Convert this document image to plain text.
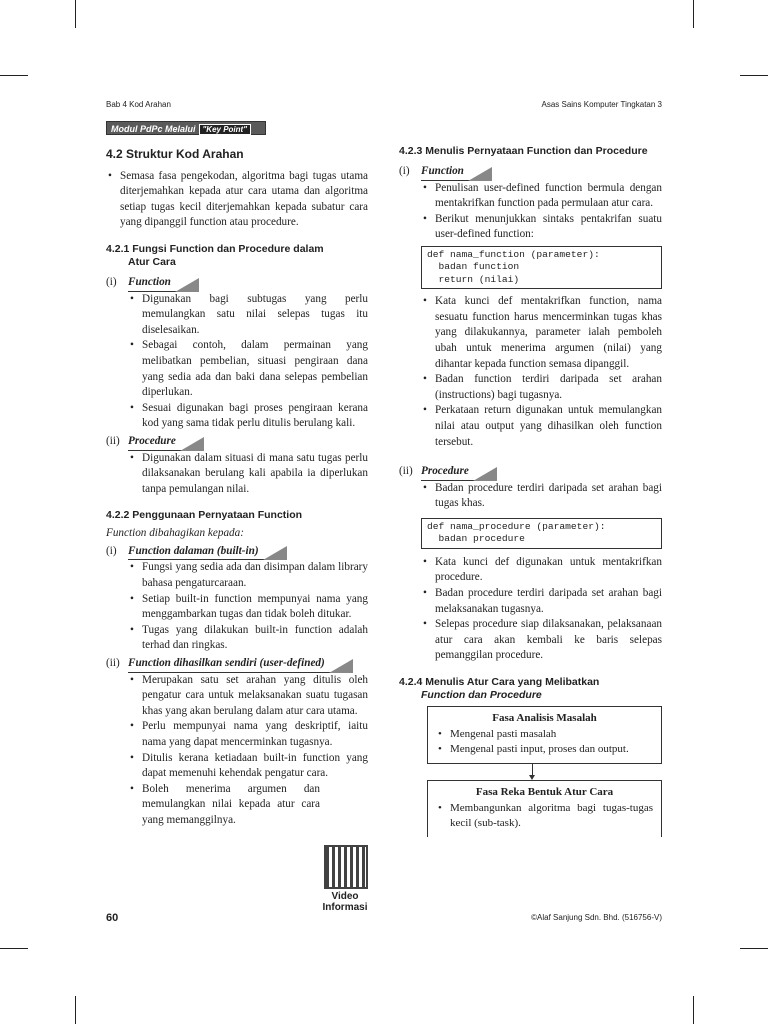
Bab 4 Kod Arahan	Asas Sains Komputer Tingkatan 3
Modul PdPc Melalui "Key Point"
4.2 Struktur Kod Arahan
• Semasa fasa pengekodan, algoritma bagi tugas utama diterjemahkan kepada atur cara utama dan algoritma setiap tugas kecil diterjemahkan kepada subatur cara yang dipanggil function atau procedure.
4.2.1 Fungsi Function dan Procedure dalam
Atur Cara
(i) Function
• Digunakan bagi subtugas yang perlu memulangkan satu nilai selepas tugas itu diselesaikan.
• Sebagai contoh, dalam permainan yang melibatkan pembelian, situasi pengiraan dana yang sedia ada dan baki dana selepas pembelian diperlukan.
• Sesuai digunakan bagi proses pengiraan kerana kod yang sama tidak perlu ditulis berulang kali.
(ii) Procedure
• Digunakan dalam situasi di mana satu tugas perlu dilaksanakan berulang kali apabila ia diperlukan tanpa pemulangan nilai.
4.2.2 Penggunaan Pernyataan Function
Function dibahagikan kepada:
(i) Function dalaman (built-in)
• Fungsi yang sedia ada dan disimpan dalam library bahasa pengaturcaraan.
• Setiap built-in function mempunyai nama yang menggambarkan tugas dan tidak boleh ditukar.
• Tugas yang dilakukan built-in function adalah terhad dan ringkas.
(ii) Function dihasilkan sendiri (user-defined)
• Merupakan satu set arahan yang ditulis oleh pengatur cara untuk melaksanakan suatu tugasan khas yang akan berulang dalam atur cara utama.
• Perlu mempunyai nama yang deskriptif, iaitu nama yang dapat mencerminkan tugasnya.
• Ditulis kerana ketiadaan built-in function yang dapat memenuhi kehendak pengatur cara.
• Boleh menerima argumen dan memulangkan nilai kepada atur cara yang memanggilnya.
Video
Informasi
4.2.3 Menulis Pernyataan Function dan Procedure
(i) Function
• Penulisan user-defined function bermula dengan mentakrifkan function pada permulaan atur cara.
• Berikut menunjukkan sintaks pentakrifan suatu user-defined function:
def nama_function (parameter):
badan function
return (nilai)
• Kata kunci def mentakrifkan function, nama sesuatu function harus mencerminkan tugas khas yang dilakukannya, parameter ialah pemboleh ubah untuk menerima argumen (nilai) yang dihantar kepada function semasa dipanggil.
• Badan function terdiri daripada set arahan (instructions) bagi tugasnya.
• Perkataan return digunakan untuk memulangkan nilai atau output yang dihasilkan oleh function tersebut.
(ii) Procedure
• Badan procedure terdiri daripada set arahan bagi tugas khas.
def nama_procedure (parameter):
badan procedure
• Kata kunci def digunakan untuk mentakrifkan procedure.
• Badan procedure terdiri daripada set arahan bagi melaksanakan tugasnya.
• Selepas procedure siap dilaksanakan, pelaksanaan atur cara akan kembali ke baris selepas pemanggilan procedure.
4.2.4 Menulis Atur Cara yang Melibatkan
Function dan Procedure
Fasa Analisis Masalah
• Mengenal pasti masalah
• Mengenal pasti input, proses dan output.
Fasa Reka Bentuk Atur Cara
• Membangunkan algoritma bagi tugas-tugas kecil (sub-task).
60	©Alaf Sanjung Sdn. Bhd. (516756-V)
